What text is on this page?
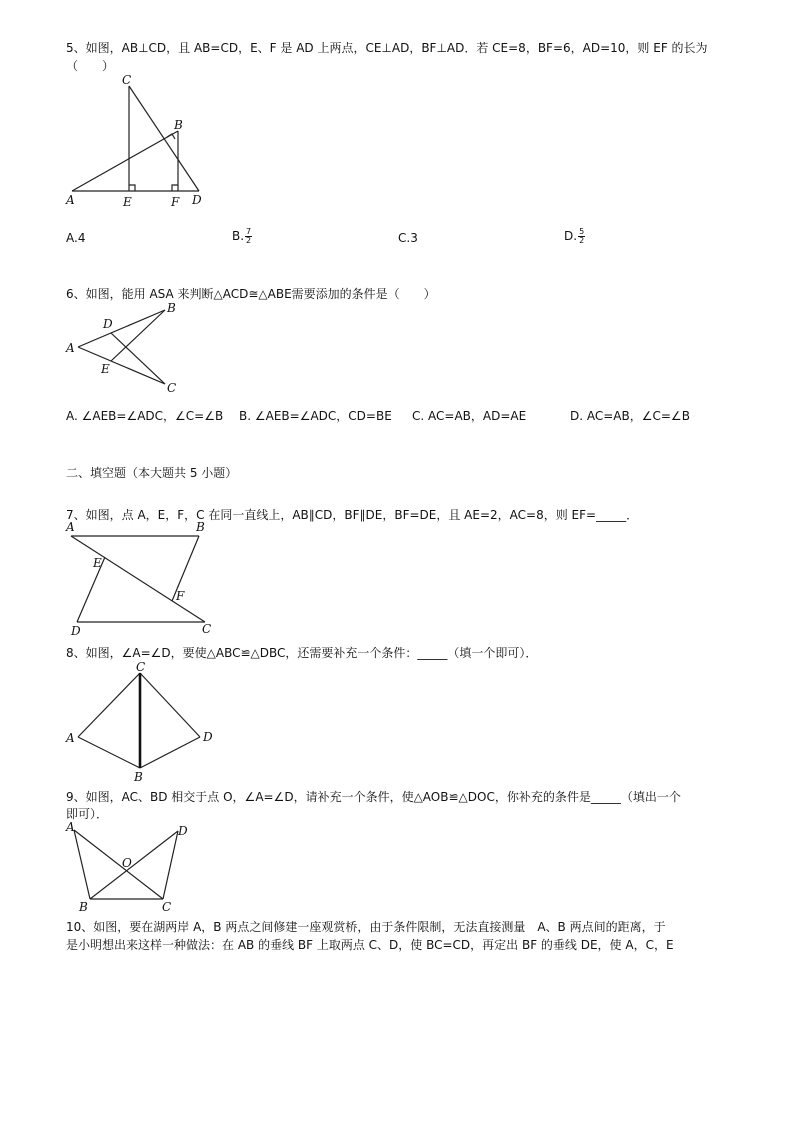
5、如图，AB⊥CD，且 AB=CD，E、F 是 AD 上两点，CE⊥AD，BF⊥AD．若 CE=8，BF=6，AD=10，则 EF 的长为
（　　）
C
B
A	E	F D
A.4	B. $\frac{7}{2}$	C.3	D. $\frac{5}{2}$
6、如图，能用 ASA 来判断△ACD≅△ABE需要添加的条件是（　　）
A
D
B
E
C
A. ∠AEB=∠ADC，∠C=∠B B. ∠AEB=∠ADC，CD=BE C. AC=AB，AD=AE	D. AC=AB，∠C=∠B
二、填空题（本大题共 5 小题）
7、如图，点 A，E，F，C 在同一直线上，AB∥CD，BF∥DE，BF=DE，且 AE=2，AC=8，则 EF=_____．
A	B
E
F
D	C
8、如图，∠A=∠D，要使△ABC≌△DBC，还需要补充一个条件：_____（填一个即可）．
C
A	D
B
9、如图，AC、BD 相交于点 O，∠A=∠D，请补充一个条件，使△AOB≌△DOC，你补充的条件是_____（填出一个
即可）．
A	D
O
B	C
10、如图，要在湖两岸 A，B 两点之间修建一座观赏桥，由于条件限制，无法直接测量　A、B 两点间的距离，于
是小明想出来这样一种做法：在 AB 的垂线 BF 上取两点 C、D，使 BC=CD，再定出 BF 的垂线 DE，使 A，C，E
